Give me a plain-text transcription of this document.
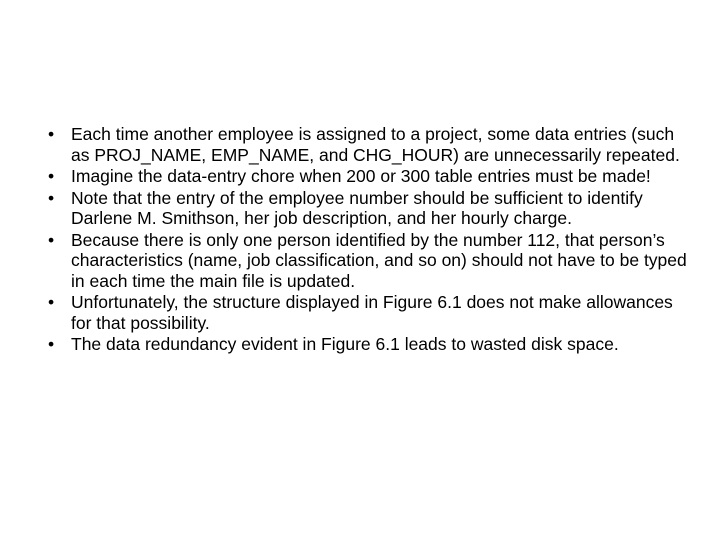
• Each time another employee is assigned to a project, some data entries (such as PROJ_NAME, EMP_NAME, and CHG_HOUR) are unnecessarily repeated.
• Imagine the data-entry chore when 200 or 300 table entries must be made!
• Note that the entry of the employee number should be sufficient to identify Darlene M. Smithson, her job description, and her hourly charge.
• Because there is only one person identified by the number 112, that person’s characteristics (name, job classification, and so on) should not have to be typed in each time the main file is updated.
• Unfortunately, the structure displayed in Figure 6.1 does not make allowances for that possibility.
• The data redundancy evident in Figure 6.1 leads to wasted disk space.
